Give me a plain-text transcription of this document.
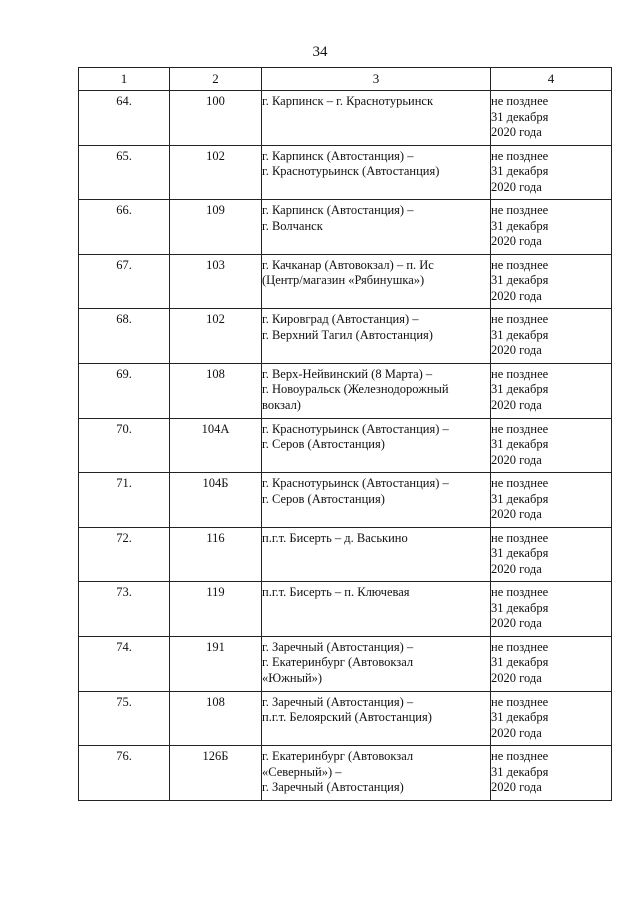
34
1	2	3	4
64.	100	г. Карпинск – г. Краснотурьинск	не позднее
31 декабря
2020 года

65.	102	г. Карпинск (Автостанция) –
г. Краснотурьинск (Автостанция)	не позднее
31 декабря
2020 года

66.	109	г. Карпинск (Автостанция) –
г. Волчанск	не позднее
31 декабря
2020 года

67.	103	г. Качканар (Автовокзал) – п. Ис
(Центр/магазин «Рябинушка»)	не позднее
31 декабря
2020 года

68.	102	г. Кировград (Автостанция) –
г. Верхний Тагил (Автостанция)	не позднее
31 декабря
2020 года

69.	108	г. Верх-Нейвинский (8 Марта) –
г. Новоуральск (Железнодорожный
вокзал)	не позднее
31 декабря
2020 года

70.	104А	г. Краснотурьинск (Автостанция) –
г. Серов (Автостанция)	не позднее
31 декабря
2020 года

71.	104Б	г. Краснотурьинск (Автостанция) –
г. Серов (Автостанция)	не позднее
31 декабря
2020 года

72.	116	п.г.т. Бисерть – д. Васькино	не позднее
31 декабря
2020 года

73.	119	п.г.т. Бисерть – п. Ключевая	не позднее
31 декабря
2020 года

74.	191	г. Заречный (Автостанция) –
г. Екатеринбург (Автовокзал
«Южный»)	не позднее
31 декабря
2020 года

75.	108	г. Заречный (Автостанция) –
п.г.т. Белоярский (Автостанция)	не позднее
31 декабря
2020 года

76.	126Б	г. Екатеринбург (Автовокзал
«Северный») –
г. Заречный (Автостанция)	не позднее
31 декабря
2020 года
